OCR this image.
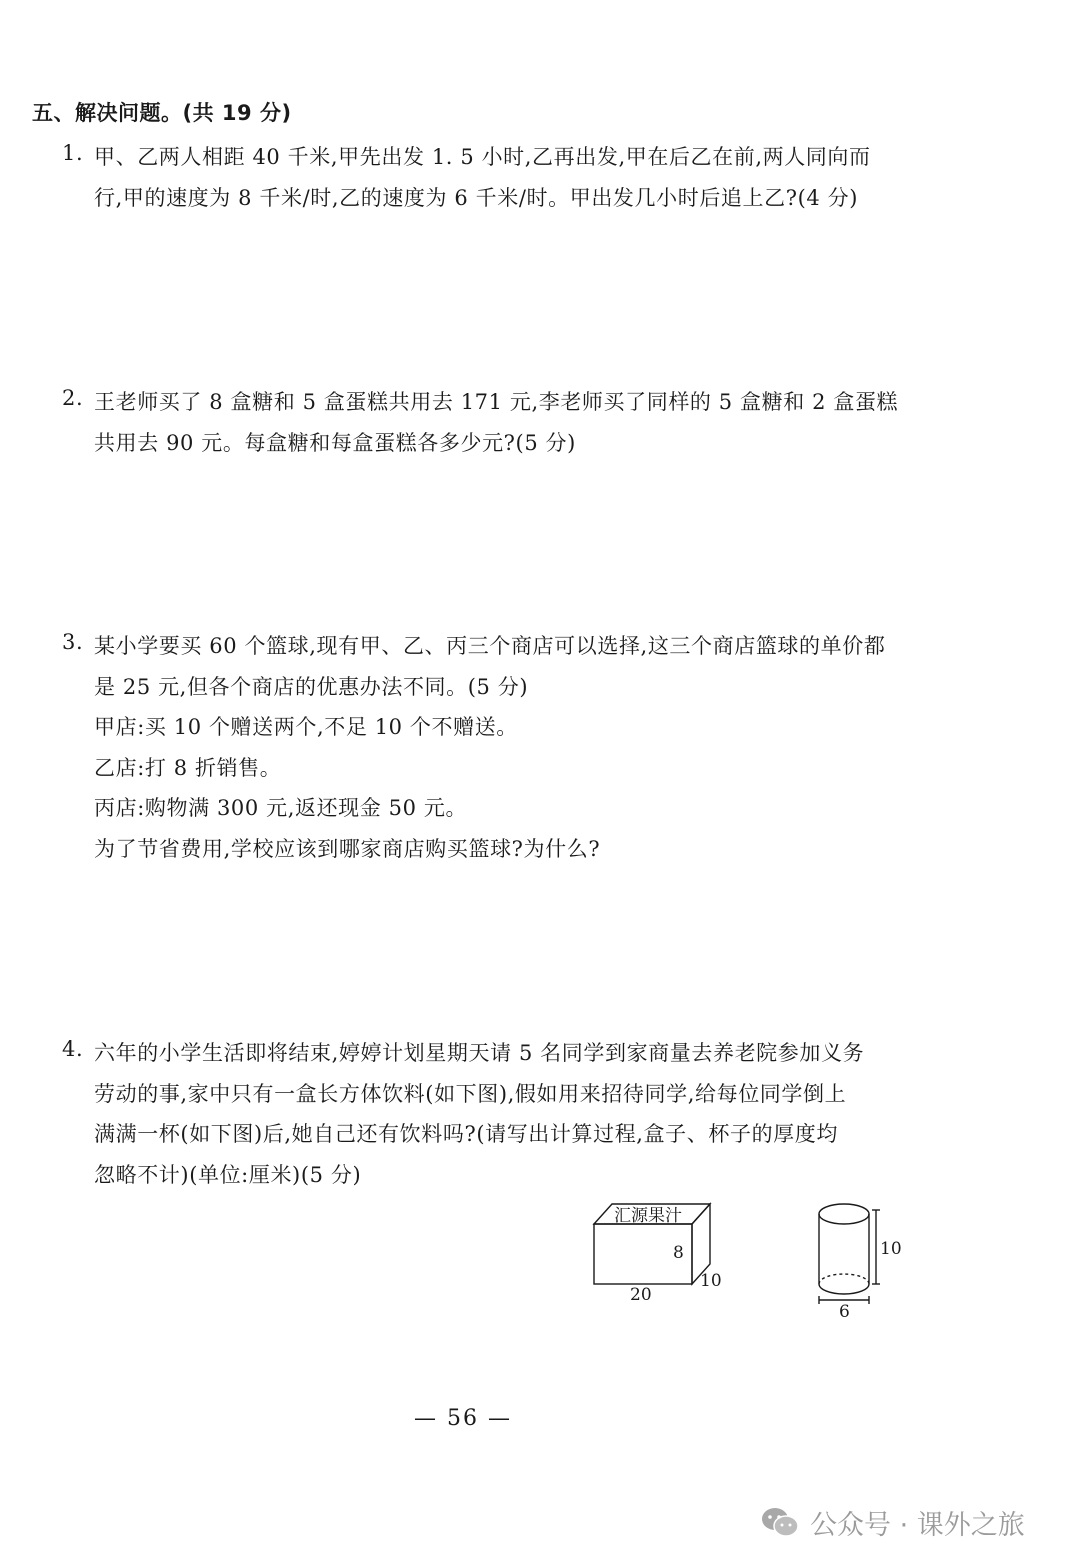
五、解决问题。(共 19 分)
1. 甲、乙两人相距 40 千米,甲先出发 1. 5 小时,乙再出发,甲在后乙在前,两人同向而
行,甲的速度为 8 千米/时,乙的速度为 6 千米/时。甲出发几小时后追上乙?(4 分)
2. 王老师买了 8 盒糖和 5 盒蛋糕共用去 171 元,李老师买了同样的 5 盒糖和 2 盒蛋糕
共用去 90 元。每盒糖和每盒蛋糕各多少元?(5 分)
3. 某小学要买 60 个篮球,现有甲、乙、丙三个商店可以选择,这三个商店篮球的单价都
是 25 元,但各个商店的优惠办法不同。(5 分)
甲店:买 10 个赠送两个,不足 10 个不赠送。
乙店:打 8 折销售。
丙店:购物满 300 元,返还现金 50 元。
为了节省费用,学校应该到哪家商店购买篮球?为什么?
4. 六年的小学生活即将结束,婷婷计划星期天请 5 名同学到家商量去养老院参加义务
劳动的事,家中只有一盒长方体饮料(如下图),假如用来招待同学,给每位同学倒上
满满一杯(如下图)后,她自己还有饮料吗?(请写出计算过程,盒子、杯子的厚度均
忽略不计)(单位:厘米)(5 分)
汇源果汁
8
10
20
10
6
— 56 —
公众号 · 课外之旅
